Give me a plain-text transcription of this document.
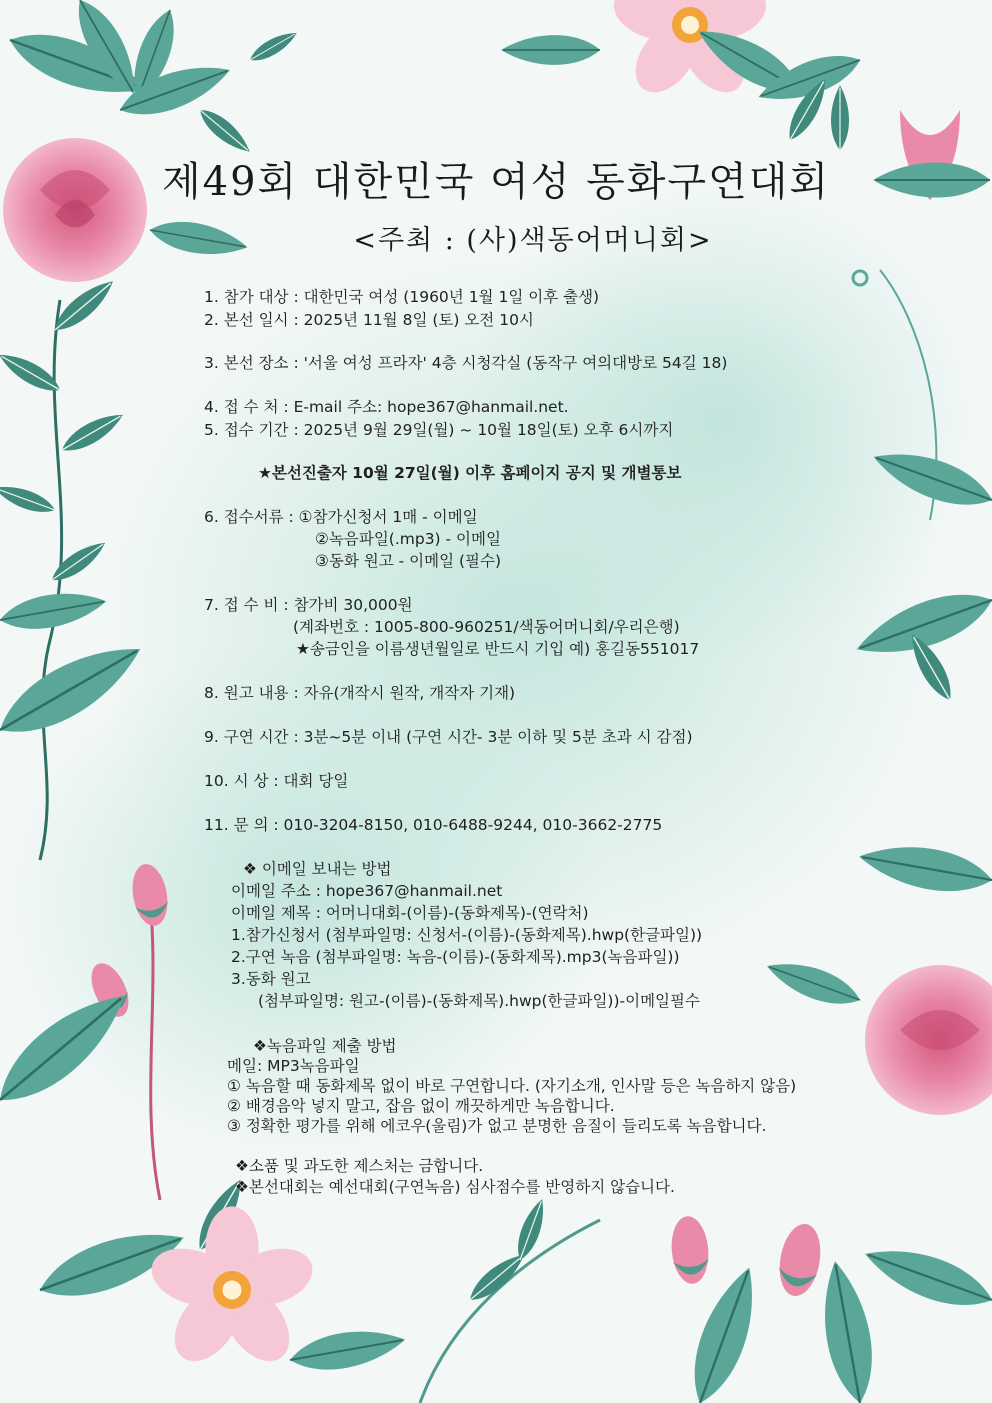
제49회 대한민국 여성 동화구연대회
<주최 : (사)색동어머니회>
1. 참가 대상 : 대한민국 여성 (1960년 1월 1일 이후 출생)
2. 본선 일시 : 2025년 11월 8일 (토) 오전 10시
3. 본선 장소 : '서울 여성 프라자' 4층 시청각실 (동작구 여의대방로 54길 18)
4. 접 수 처 : E-mail 주소: hope367@hanmail.net.
5. 접수 기간 : 2025년 9월 29일(월) ~ 10월 18일(토) 오후 6시까지
★본선진출자 10월 27일(월) 이후 홈페이지 공지 및 개별통보
6. 접수서류 : ①참가신청서 1매 - 이메일
②녹음파일(.mp3) - 이메일
③동화 원고 - 이메일 (필수)
7. 접 수 비 : 참가비 30,000원
(계좌번호 : 1005-800-960251/색동어머니회/우리은행)
★송금인을 이름생년월일로 반드시 기입 예) 홍길동551017
8. 원고 내용 : 자유(개작시 원작, 개작자 기재)
9. 구연 시간 : 3분~5분 이내 (구연 시간- 3분 이하 및 5분 초과 시 감점)
10. 시 상 : 대회 당일
11. 문 의 : 010-3204-8150, 010-6488-9244, 010-3662-2775
❖ 이메일 보내는 방법
이메일 주소 : hope367@hanmail.net
이메일 제목 : 어머니대회-(이름)-(동화제목)-(연락처)
1.참가신청서 (첨부파일명: 신청서-(이름)-(동화제목).hwp(한글파일))
2.구연 녹음 (첨부파일명: 녹음-(이름)-(동화제목).mp3(녹음파일))
3.동화 원고
(첨부파일명: 원고-(이름)-(동화제목).hwp(한글파일))-이메일필수
❖녹음파일 제출 방법
메일: MP3녹음파일
① 녹음할 때 동화제목 없이 바로 구연합니다. (자기소개, 인사말 등은 녹음하지 않음)
② 배경음악 넣지 말고, 잡음 없이 깨끗하게만 녹음합니다.
③ 정확한 평가를 위해 에코우(울림)가 없고 분명한 음질이 들리도록 녹음합니다.
❖소품 및 과도한 제스처는 금합니다.
❖본선대회는 예선대회(구연녹음) 심사점수를 반영하지 않습니다.
